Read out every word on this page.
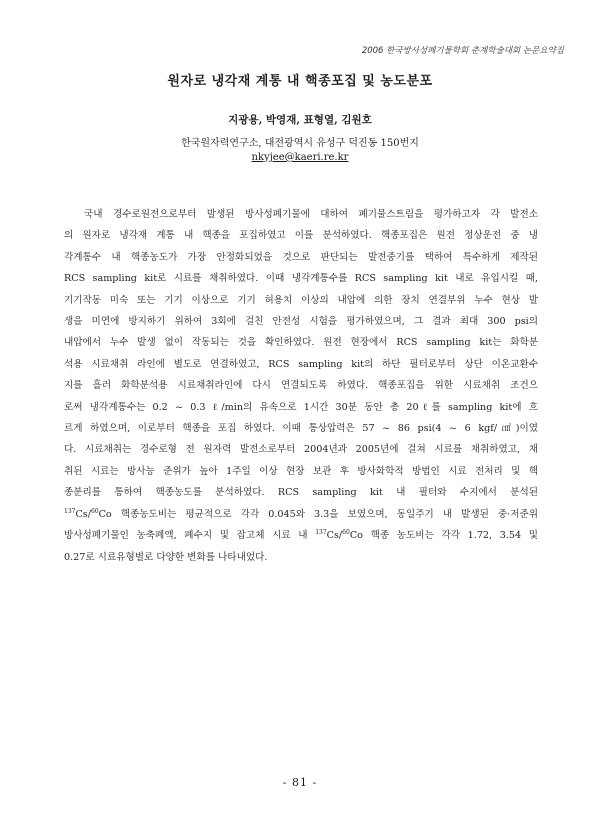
2006 한국방사성폐기물학회 춘계학술대회 논문요약집
원자로 냉각재 계통 내 핵종포집 및 농도분포
지광용, 박영재, 표형열, 김원호
한국원자력연구소, 대전광역시 유성구 덕진동 150번지
nkyjee@kaeri.re.kr
국내 경수로원전으로부터 발생된 방사성폐기물에 대하여 폐기물스트림을 평가하고자 각 발전소
의 원자로 냉각재 계통 내 핵종을 포집하였고 이를 분석하였다. 핵종포집은 원전 정상운전 중 냉
각계통수 내 핵종농도가 가장 안정화되었을 것으로 판단되는 발전중기를 택하여 특수하게 제작된
RCS sampling kit로 시료를 채취하였다. 이때 냉각계통수를 RCS sampling kit 내로 유입시킬 때,
기기작동 미숙 또는 기기 이상으로 기기 허용치 이상의 내압에 의한 장치 연결부위 누수 현상 발
생을 미연에 방지하기 위하여 3회에 걸친 안전성 시험을 평가하였으며, 그 결과 최대 300 psi의
내압에서 누수 발생 없이 작동되는 것을 확인하였다. 원전 현장에서 RCS sampling kit는 화학분
석용 시료채취 라인에 별도로 연결하였고, RCS sampling kit의 하단 필터로부터 상단 이온교환수
지를 흘러 화학분석용 시료채취라인에 다시 연결되도록 하였다. 핵종포집을 위한 시료채취 조건으
로써 냉각계통수는 0.2 ~ 0.3 ℓ/min의 유속으로 1시간 30분 동안 총 20ℓ를 sampling kit에 흐
르게 하였으며, 이로부터 핵종을 포집 하였다. 이때 통상압력은 57 ~ 86 psi(4 ~ 6 kgf/㎠)이였
다. 시료채취는 경수로형 전 원자력 발전소로부터 2004년과 2005년에 걸쳐 시료를 채취하였고, 채
취된 시료는 방사능 준위가 높아 1주일 이상 현장 보관 후 방사화학적 방법인 시료 전처리 및 핵
종분리를 통하여 핵종농도를 분석하였다. RCS sampling kit 내 필터와 수지에서 분석된
$^{137}$Cs/$^{60}$Co 핵종농도비는 평균적으로 각각 0.045와 3.3을 보였으며, 동일주기 내 발생된 중·저준위
방사성폐기물인 농축폐액, 폐수지 및 잡고체 시료 내 $^{137}$Cs/$^{60}$Co 핵종 농도비는 각각 1.72, 3.54 및
0.27로 시료유형별로 다양한 변화를 나타내었다.
- 81 -
